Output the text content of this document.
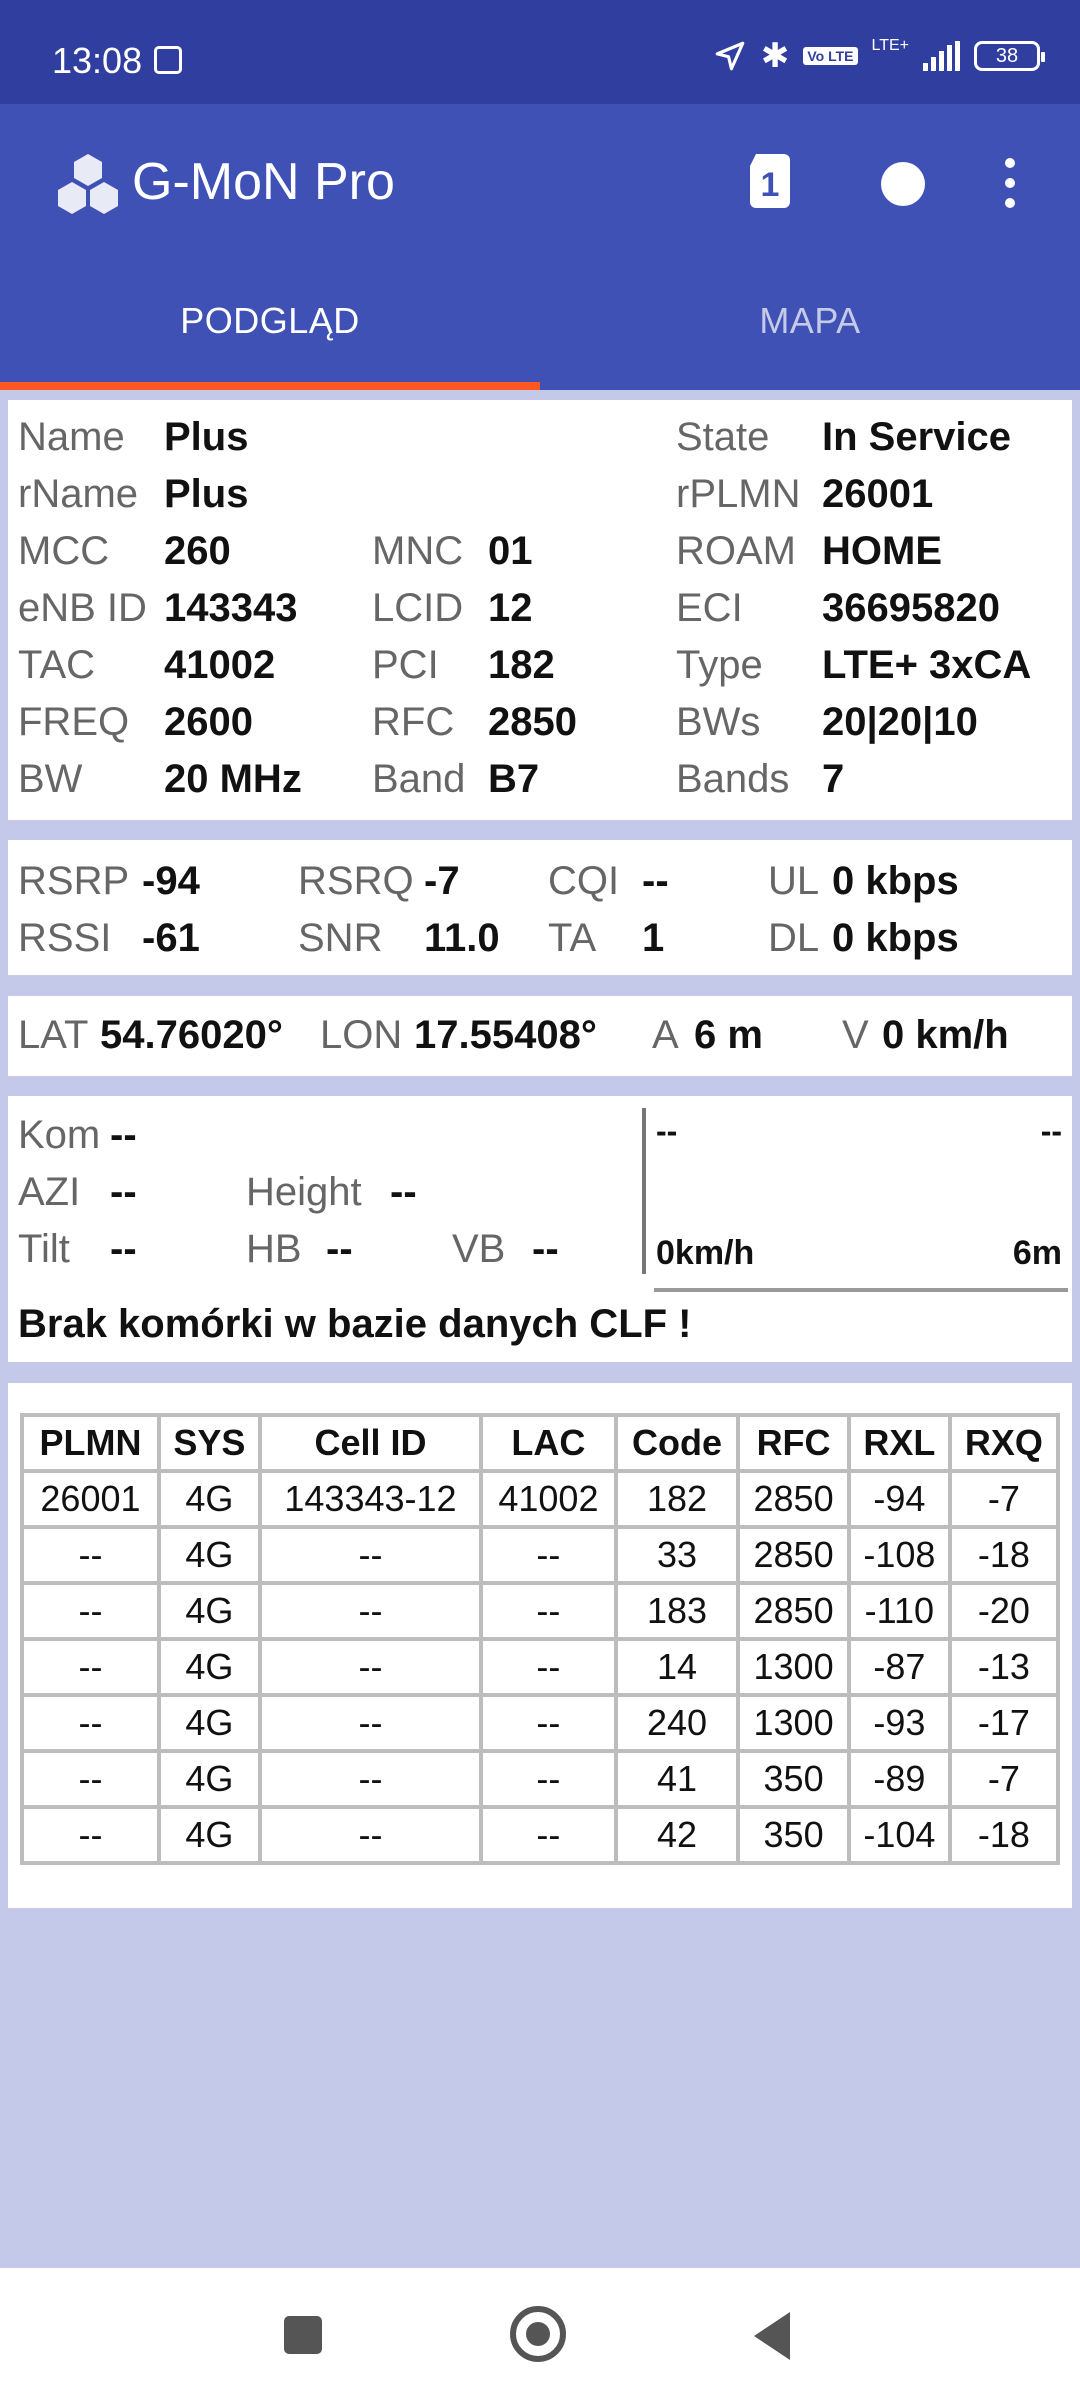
13:08	✱ Vo LTE
LTE+	38
G-MoN Pro	1
PODGLĄD	MAPA
Name Plus	State In Service
rName Plus	rPLMN 26001
MCC 260	MNC 01	ROAM HOME
eNB ID 143343 LCID 12	ECI 36695820
TAC 41002 PCI 182	Type LTE+ 3xCA
FREQ 2600	RFC 2850 BWs 20|20|10
BW 20 MHz Band B7	Bands 7
RSRP -94 RSRQ -7 CQI -- UL 0 kbps
RSSI -61 SNR 11.0 TA 1	DL 0 kbps
LAT 54.76020° LON 17.55408° A 6 m V 0 km/h
Kom --
AZI --	Height --
Tilt --	HB -- VB --
--	--
0km/h	6m
Brak komórki w bazie danych CLF !
PLMN	SYS	Cell ID	LAC	Code	RFC	RXL	RXQ
26001	4G	143343-12	41002	182	2850	-94	-7
--	4G	--	--	33	2850	-108	-18
--	4G	--	--	183	2850	-110	-20
--	4G	--	--	14	1300	-87	-13
--	4G	--	--	240	1300	-93	-17
--	4G	--	--	41	350	-89	-7
--	4G	--	--	42	350	-104	-18
